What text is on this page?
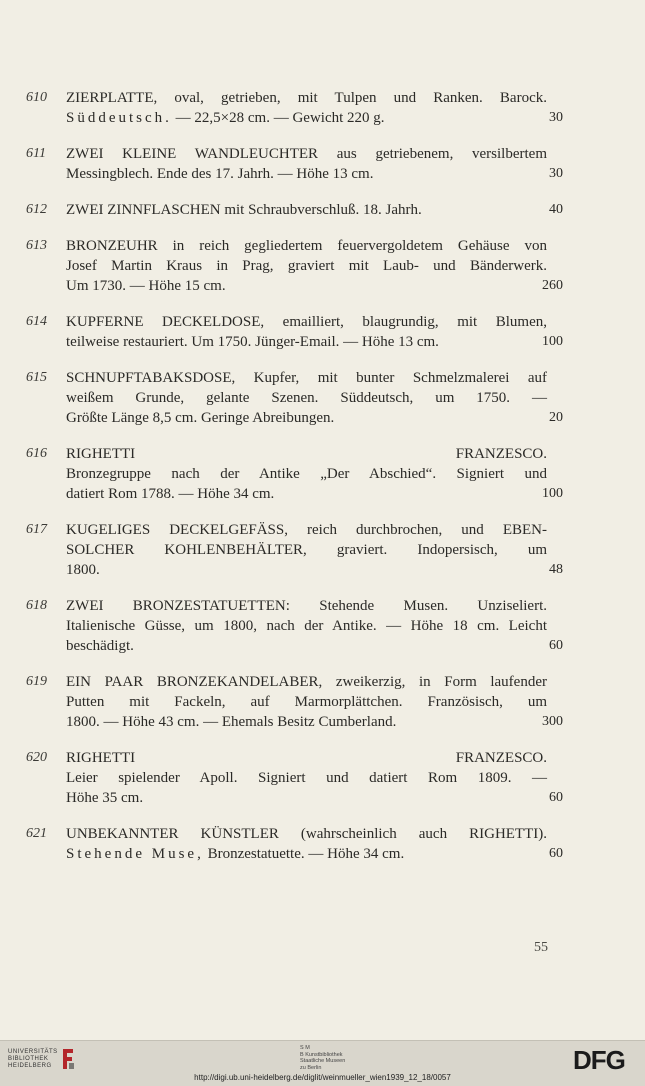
610 ZIERPLATTE, oval, getrieben, mit Tulpen und Ranken. Barock.
Süddeutsch. — 22,5×28 cm. — Gewicht 220 g.	30
611 ZWEI KLEINE WANDLEUCHTER aus getriebenem, versilbertem
Messingblech. Ende des 17. Jahrh. — Höhe 13 cm.	30
612 ZWEI ZINNFLASCHEN mit Schraubverschluß. 18. Jahrh.	40
613 BRONZEUHR in reich gegliedertem feuervergoldetem Gehäuse von
Josef Martin Kraus in Prag, graviert mit Laub- und Bänderwerk.
Um 1730. — Höhe 15 cm.	260
614 KUPFERNE DECKELDOSE, emailliert, blaugrundig, mit Blumen,
teilweise restauriert. Um 1750. Jünger-Email. — Höhe 13 cm.	100
615 SCHNUPFTABAKSDOSE, Kupfer, mit bunter Schmelzmalerei auf
weißem Grunde, gelante Szenen. Süddeutsch, um 1750. —
Größte Länge 8,5 cm. Geringe Abreibungen.	20
616 RIGHETTI FRANZESCO.
Bronzegruppe nach der Antike „Der Abschied“. Signiert und
datiert Rom 1788. — Höhe 34 cm.	100
617 KUGELIGES DECKELGEFÄSS, reich durchbrochen, und EBEN-
SOLCHER KOHLENBEHÄLTER, graviert. Indopersisch, um
1800.	48
618 ZWEI BRONZESTATUETTEN: Stehende Musen. Unziseliert.
Italienische Güsse, um 1800, nach der Antike. — Höhe 18 cm. Leicht
beschädigt.	60
619 EIN PAAR BRONZEKANDELABER, zweikerzig, in Form laufender
Putten mit Fackeln, auf Marmorplättchen. Französisch, um
1800. — Höhe 43 cm. — Ehemals Besitz Cumberland.	300
620 RIGHETTI FRANZESCO.
Leier spielender Apoll. Signiert und datiert Rom 1809. —
Höhe 35 cm.	60
621 UNBEKANNTER KÜNSTLER (wahrscheinlich auch RIGHETTI).
Stehende Muse, Bronzestatuette. — Höhe 34 cm.	60
55
UNIVERSITÄTS
BIBLIOTHEK
HEIDELBERG
S M
B Kunstbibliothek
Staatliche Museen
zu Berlin	DFG
http://digi.ub.uni-heidelberg.de/diglit/weinmueller_wien1939_12_18/0057
